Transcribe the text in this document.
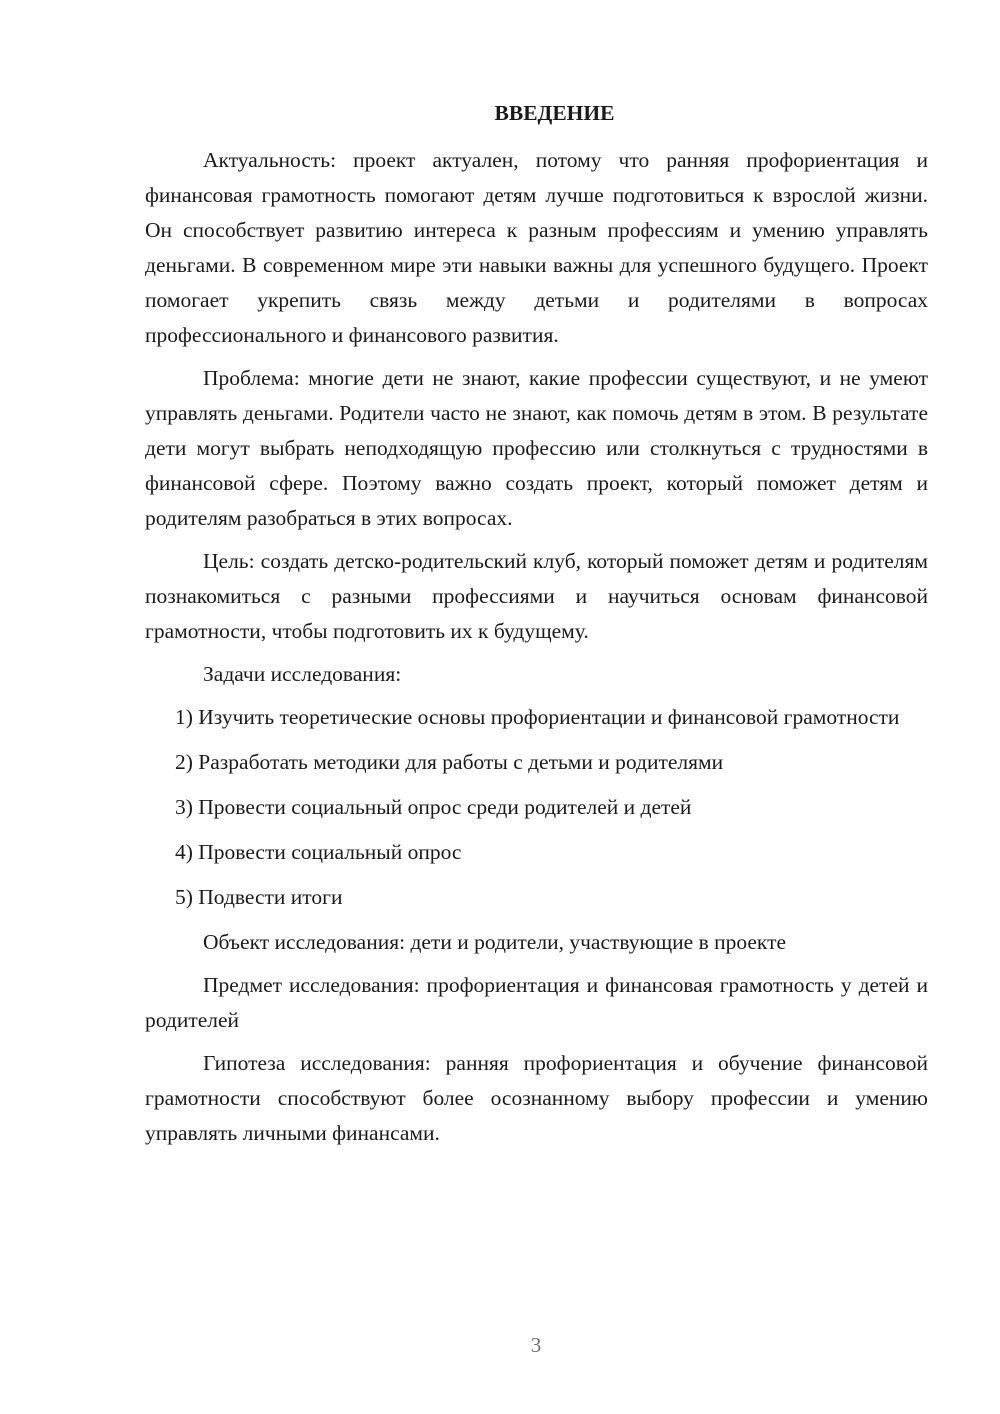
ВВЕДЕНИЕ

Актуальность: проект актуален, потому что ранняя профориентация и финансовая грамотность помогают детям лучше подготовиться к взрослой жизни. Он способствует развитию интереса к разным профессиям и умению управлять деньгами. В современном мире эти навыки важны для успешного будущего. Проект помогает укрепить связь между детьми и родителями в вопросах профессионального и финансового развития.

Проблема: многие дети не знают, какие профессии существуют, и не умеют управлять деньгами. Родители часто не знают, как помочь детям в этом. В результате дети могут выбрать неподходящую профессию или столкнуться с трудностями в финансовой сфере. Поэтому важно создать проект, который поможет детям и родителям разобраться в этих вопросах.

Цель: создать детско-родительский клуб, который поможет детям и родителям познакомиться с разными профессиями и научиться основам финансовой грамотности, чтобы подготовить их к будущему.

Задачи исследования:

1) Изучить теоретические основы профориентации и финансовой грамотности

2) Разработать методики для работы с детьми и родителями

3) Провести социальный опрос среди родителей и детей

4) Провести социальный опрос

5) Подвести итоги

Объект исследования: дети и родители, участвующие в проекте

Предмет исследования: профориентация и финансовая грамотность у детей и родителей

Гипотеза исследования: ранняя профориентация и обучение финансовой грамотности способствуют более осознанному выбору профессии и умению управлять личными финансами.

3
